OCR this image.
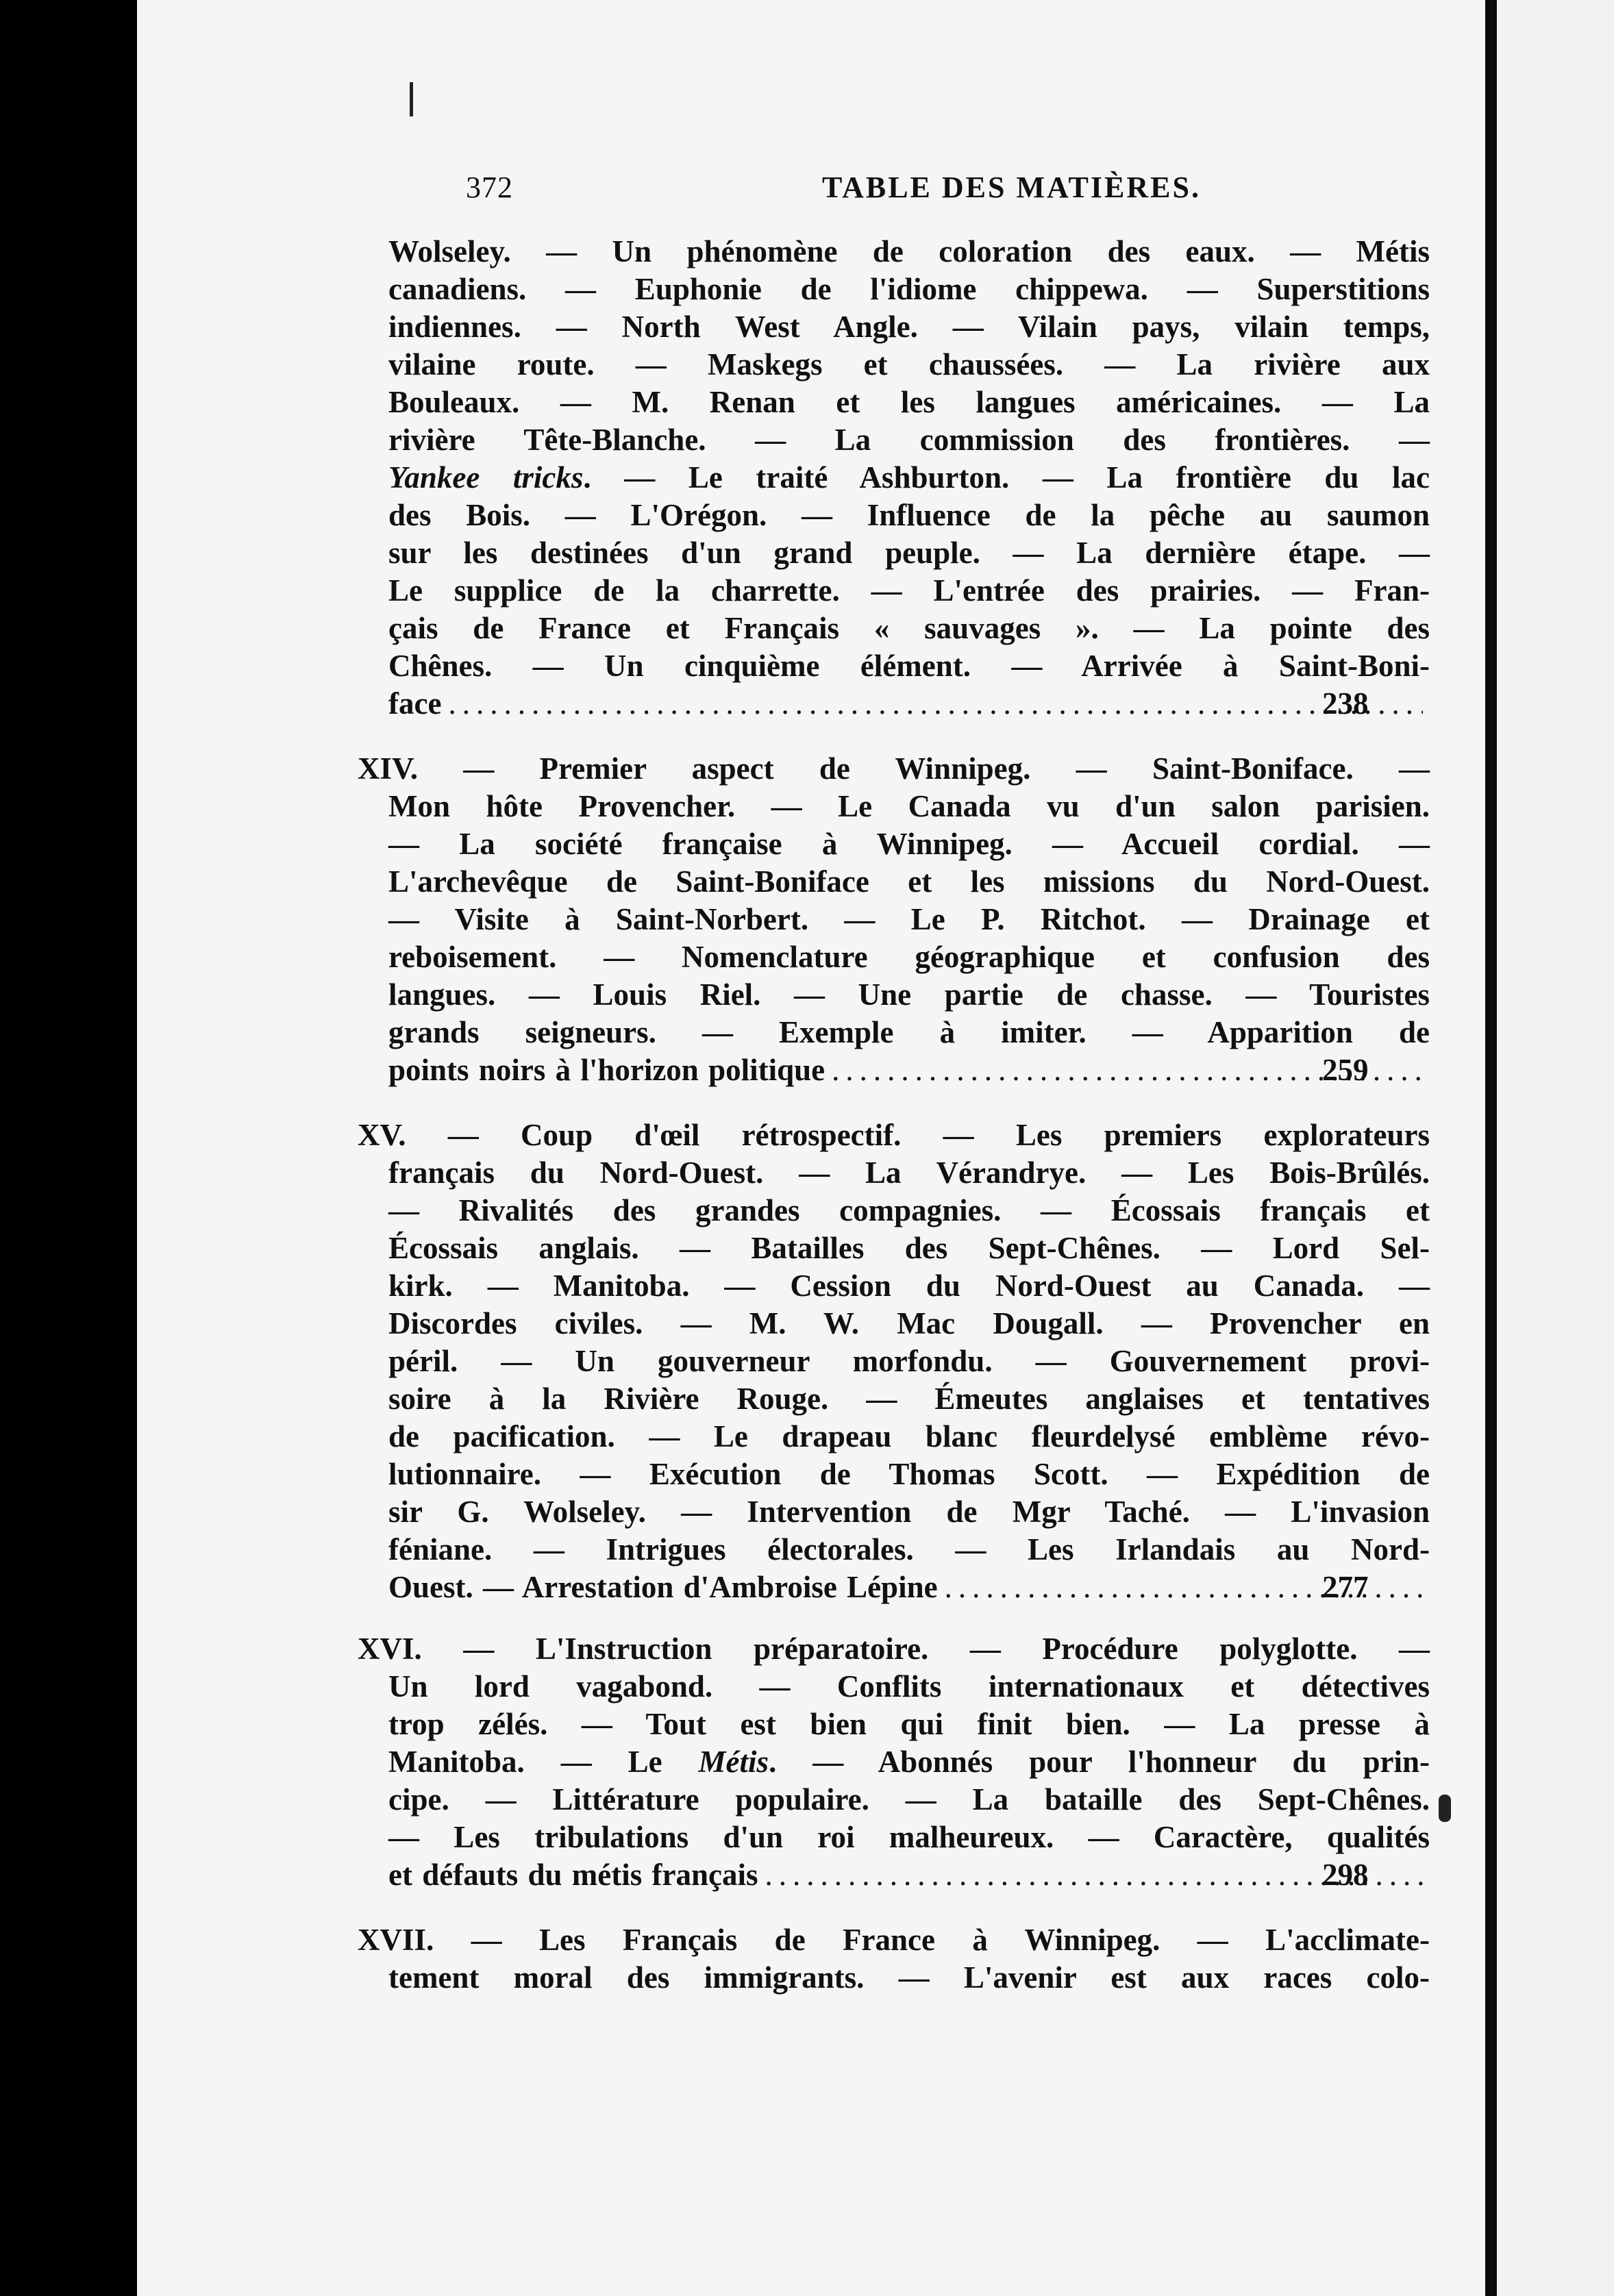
372	TABLE DES MATIÈRES.
Wolseley. — Un phénomène de coloration des eaux. — Métis
canadiens. — Euphonie de l'idiome chippewa. — Superstitions
indiennes. — North West Angle. — Vilain pays, vilain temps,
vilaine route. — Maskegs et chaussées. — La rivière aux
Bouleaux. — M. Renan et les langues américaines. — La
rivière Tête-Blanche. — La commission des frontières. —
Yankee tricks. — Le traité Ashburton. — La frontière du lac
des Bois. — L'Orégon. — Influence de la pêche au saumon
sur les destinées d'un grand peuple. — La dernière étape. —
Le supplice de la charrette. — L'entrée des prairies. — Fran-
çais de France et Français « sauvages ». — La pointe des
Chênes. — Un cinquième élément. — Arrivée à Saint-Boni-
face .....	238
XIV. — Premier aspect de Winnipeg. — Saint-Boniface. —
Mon hôte Provencher. — Le Canada vu d'un salon parisien.
— La société française à Winnipeg. — Accueil cordial. —
L'archevêque de Saint-Boniface et les missions du Nord-Ouest.
— Visite à Saint-Norbert. — Le P. Ritchot. — Drainage et
reboisement. — Nomenclature géographique et confusion des
langues. — Louis Riel. — Une partie de chasse. — Touristes
grands seigneurs. — Exemple à imiter. — Apparition de
points noirs à l'horizon politique .....	259
XV. — Coup d'œil rétrospectif. — Les premiers explorateurs
français du Nord-Ouest. — La Vérandrye. — Les Bois-Brûlés.
— Rivalités des grandes compagnies. — Écossais français et
Écossais anglais. — Batailles des Sept-Chênes. — Lord Sel-
kirk. — Manitoba. — Cession du Nord-Ouest au Canada. —
Discordes civiles. — M. W. Mac Dougall. — Provencher en
péril. — Un gouverneur morfondu. — Gouvernement provi-
soire à la Rivière Rouge. — Émeutes anglaises et tentatives
de pacification. — Le drapeau blanc fleurdelysé emblème révo-
lutionnaire. — Exécution de Thomas Scott. — Expédition de
sir G. Wolseley. — Intervention de Mgr Taché. — L'invasion
féniane. — Intrigues électorales. — Les Irlandais au Nord-
Ouest. — Arrestation d'Ambroise Lépine .....	277
XVI. — L'Instruction préparatoire. — Procédure polyglotte. —
Un lord vagabond. — Conflits internationaux et détectives
trop zélés. — Tout est bien qui finit bien. — La presse à
Manitoba. — Le Métis. — Abonnés pour l'honneur du prin-
cipe. — Littérature populaire. — La bataille des Sept-Chênes.
— Les tribulations d'un roi malheureux. — Caractère, qualités
et défauts du métis français .....	298
XVII. — Les Français de France à Winnipeg. — L'acclimate-
tement moral des immigrants. — L'avenir est aux races colo-
